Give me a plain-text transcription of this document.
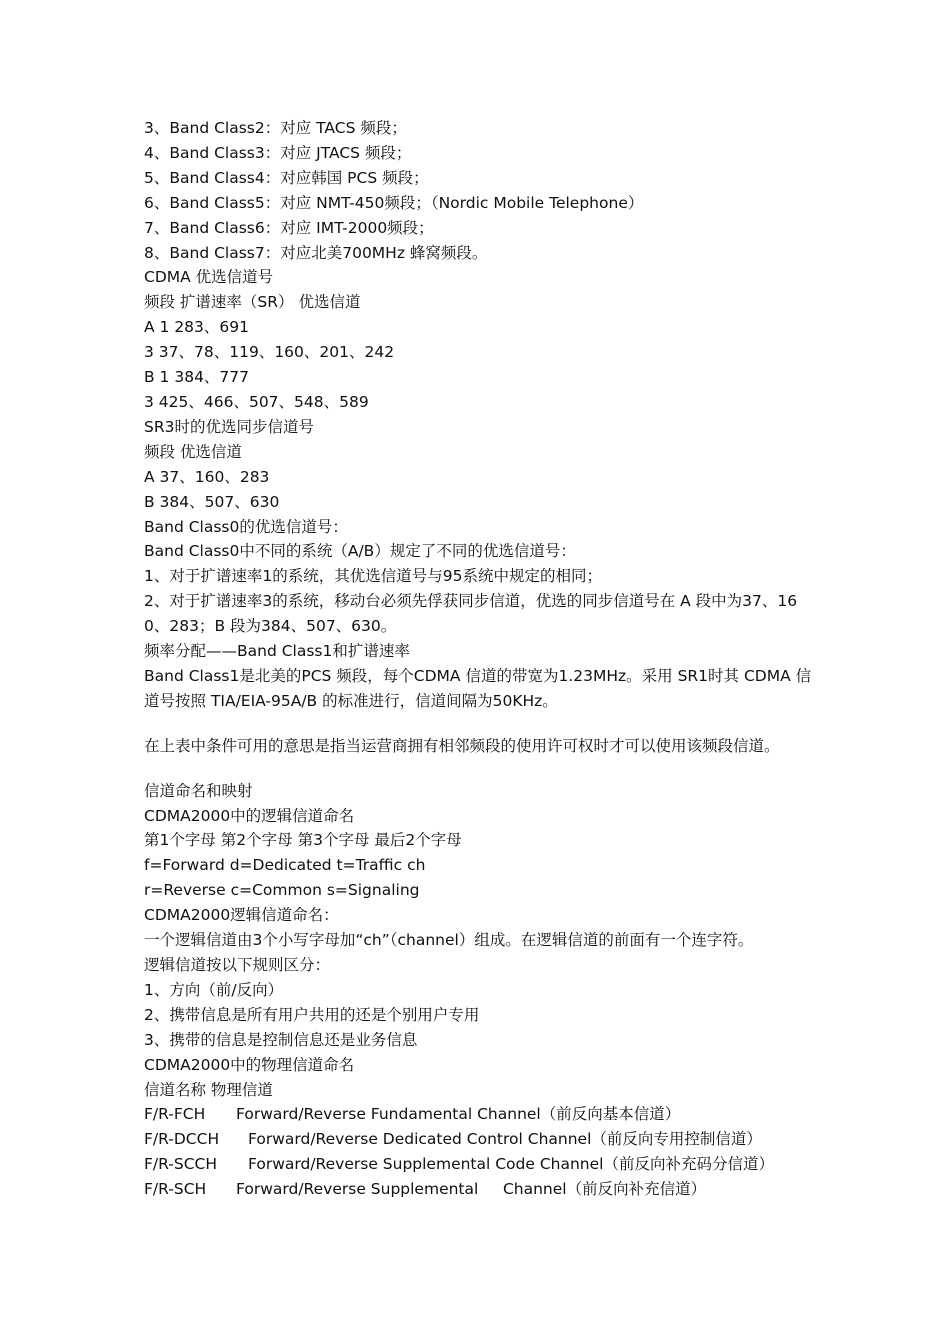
3、Band Class2：对应 TACS 频段；
4、Band Class3：对应 JTACS 频段；
5、Band Class4：对应韩国 PCS 频段；
6、Band Class5：对应 NMT-450频段；（Nordic Mobile Telephone）
7、Band Class6：对应 IMT-2000频段；
8、Band Class7：对应北美700MHz 蜂窝频段。
CDMA 优选信道号
频段 扩谱速率（SR） 优选信道
A 1 283、691
3 37、78、119、160、201、242
B 1 384、777
3 425、466、507、548、589
SR3时的优选同步信道号
频段 优选信道
A 37、160、283
B 384、507、630
Band Class0的优选信道号：
Band Class0中不同的系统（A/B）规定了不同的优选信道号：
1、对于扩谱速率1的系统，其优选信道号与95系统中规定的相同；
2、对于扩谱速率3的系统，移动台必须先俘获同步信道，优选的同步信道号在 A 段中为37、160、283；B 段为384、507、630。
频率分配——Band Class1和扩谱速率
Band Class1是北美的PCS 频段，每个CDMA 信道的带宽为1.23MHz。采用 SR1时其 CDMA 信道号按照 TIA/EIA-95A/B 的标准进行，信道间隔为50KHz。
在上表中条件可用的意思是指当运营商拥有相邻频段的使用许可权时才可以使用该频段信道。
信道命名和映射
CDMA2000中的逻辑信道命名
第1个字母 第2个字母 第3个字母 最后2个字母
f=Forward d=Dedicated t=Traffic ch
r=Reverse c=Common s=Signaling
CDMA2000逻辑信道命名：
一个逻辑信道由3个小写字母加“ch”（channel）组成。在逻辑信道的前面有一个连字符。
逻辑信道按以下规则区分：
1、方向（前/反向）
2、携带信息是所有用户共用的还是个别用户专用
3、携带的信息是控制信息还是业务信息
CDMA2000中的物理信道命名
信道名称 物理信道
F/R-FCH Forward/Reverse Fundamental Channel（前反向基本信道）
F/R-DCCH Forward/Reverse Dedicated Control Channel（前反向专用控制信道）
F/R-SCCH Forward/Reverse Supplemental Code Channel（前反向补充码分信道）
F/R-SCH Forward/Reverse Supplemental     Channel（前反向补充信道）
